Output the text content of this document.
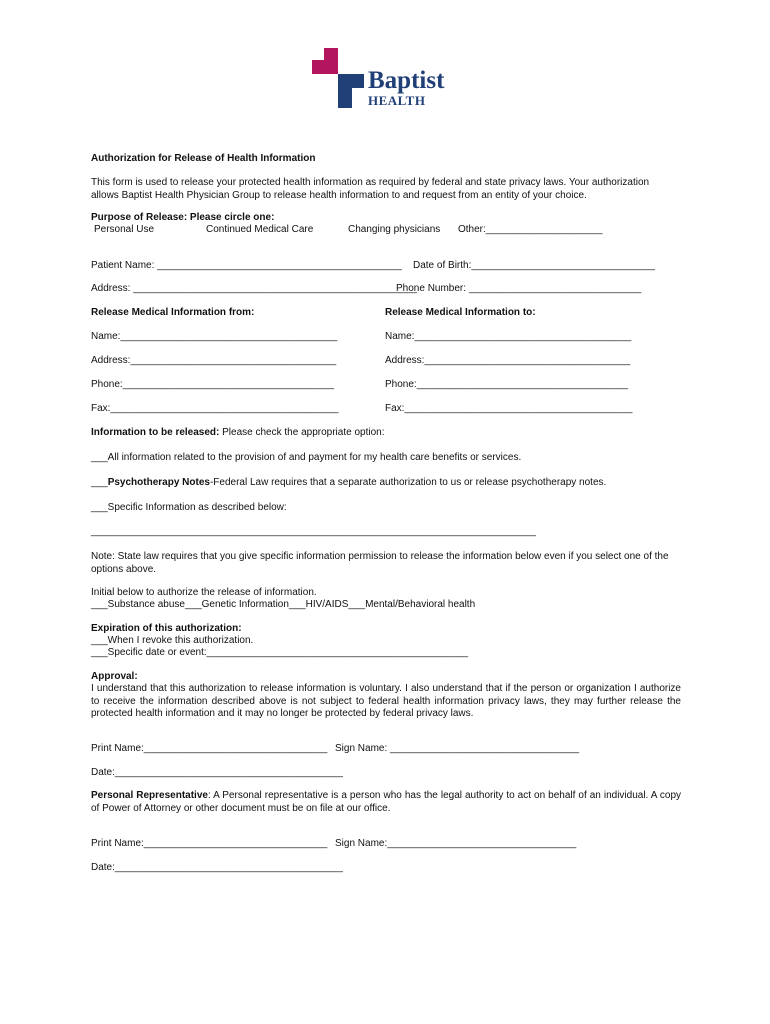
Baptist
HEALTH
Authorization for Release of Health Information
This form is used to release your protected health information as required by federal and state privacy laws. Your authorization allows Baptist Health Physician Group to release health information to and request from an entity of your choice.
Purpose of Release: Please circle one:
Personal Use	Continued Medical Care	Changing physicians Other:_____________________
Patient Name: ____________________________________________ Date of Birth:_________________________________
Address: ___________________________________________________
Phone Number: _______________________________
Release Medical Information from:	Release Medical Information to:
Name:_______________________________________	Name:_______________________________________
Address:_____________________________________	Address:_____________________________________
Phone:______________________________________	Phone:______________________________________
Fax:_________________________________________	Fax:_________________________________________
Information to be released: Please check the appropriate option:
___All information related to the provision of and payment for my health care benefits or services.
___Psychotherapy Notes-Federal Law requires that a separate authorization to us or release psychotherapy notes.
___Specific Information as described below:
________________________________________________________________________________
Note: State law requires that you give specific information permission to release the information below even if you select one of the options above.
Initial below to authorize the release of information.
___Substance abuse___Genetic Information___HIV/AIDS___Mental/Behavioral health
Expiration of this authorization:
___When I revoke this authorization.
___Specific date or event:_______________________________________________
Approval:
I understand that this authorization to release information is voluntary. I also understand that if the person or organization I authorize to receive the information described above is not subject to federal health information privacy laws, they may further release the protected health information and it may no longer be protected by federal privacy laws.
Print Name:_________________________________ Sign Name: __________________________________
Date:_________________________________________
Personal Representative: A Personal representative is a person who has the legal authority to act on behalf of an individual. A copy of Power of Attorney or other document must be on file at our office.
Print Name:_________________________________ Sign Name:__________________________________
Date:_________________________________________
